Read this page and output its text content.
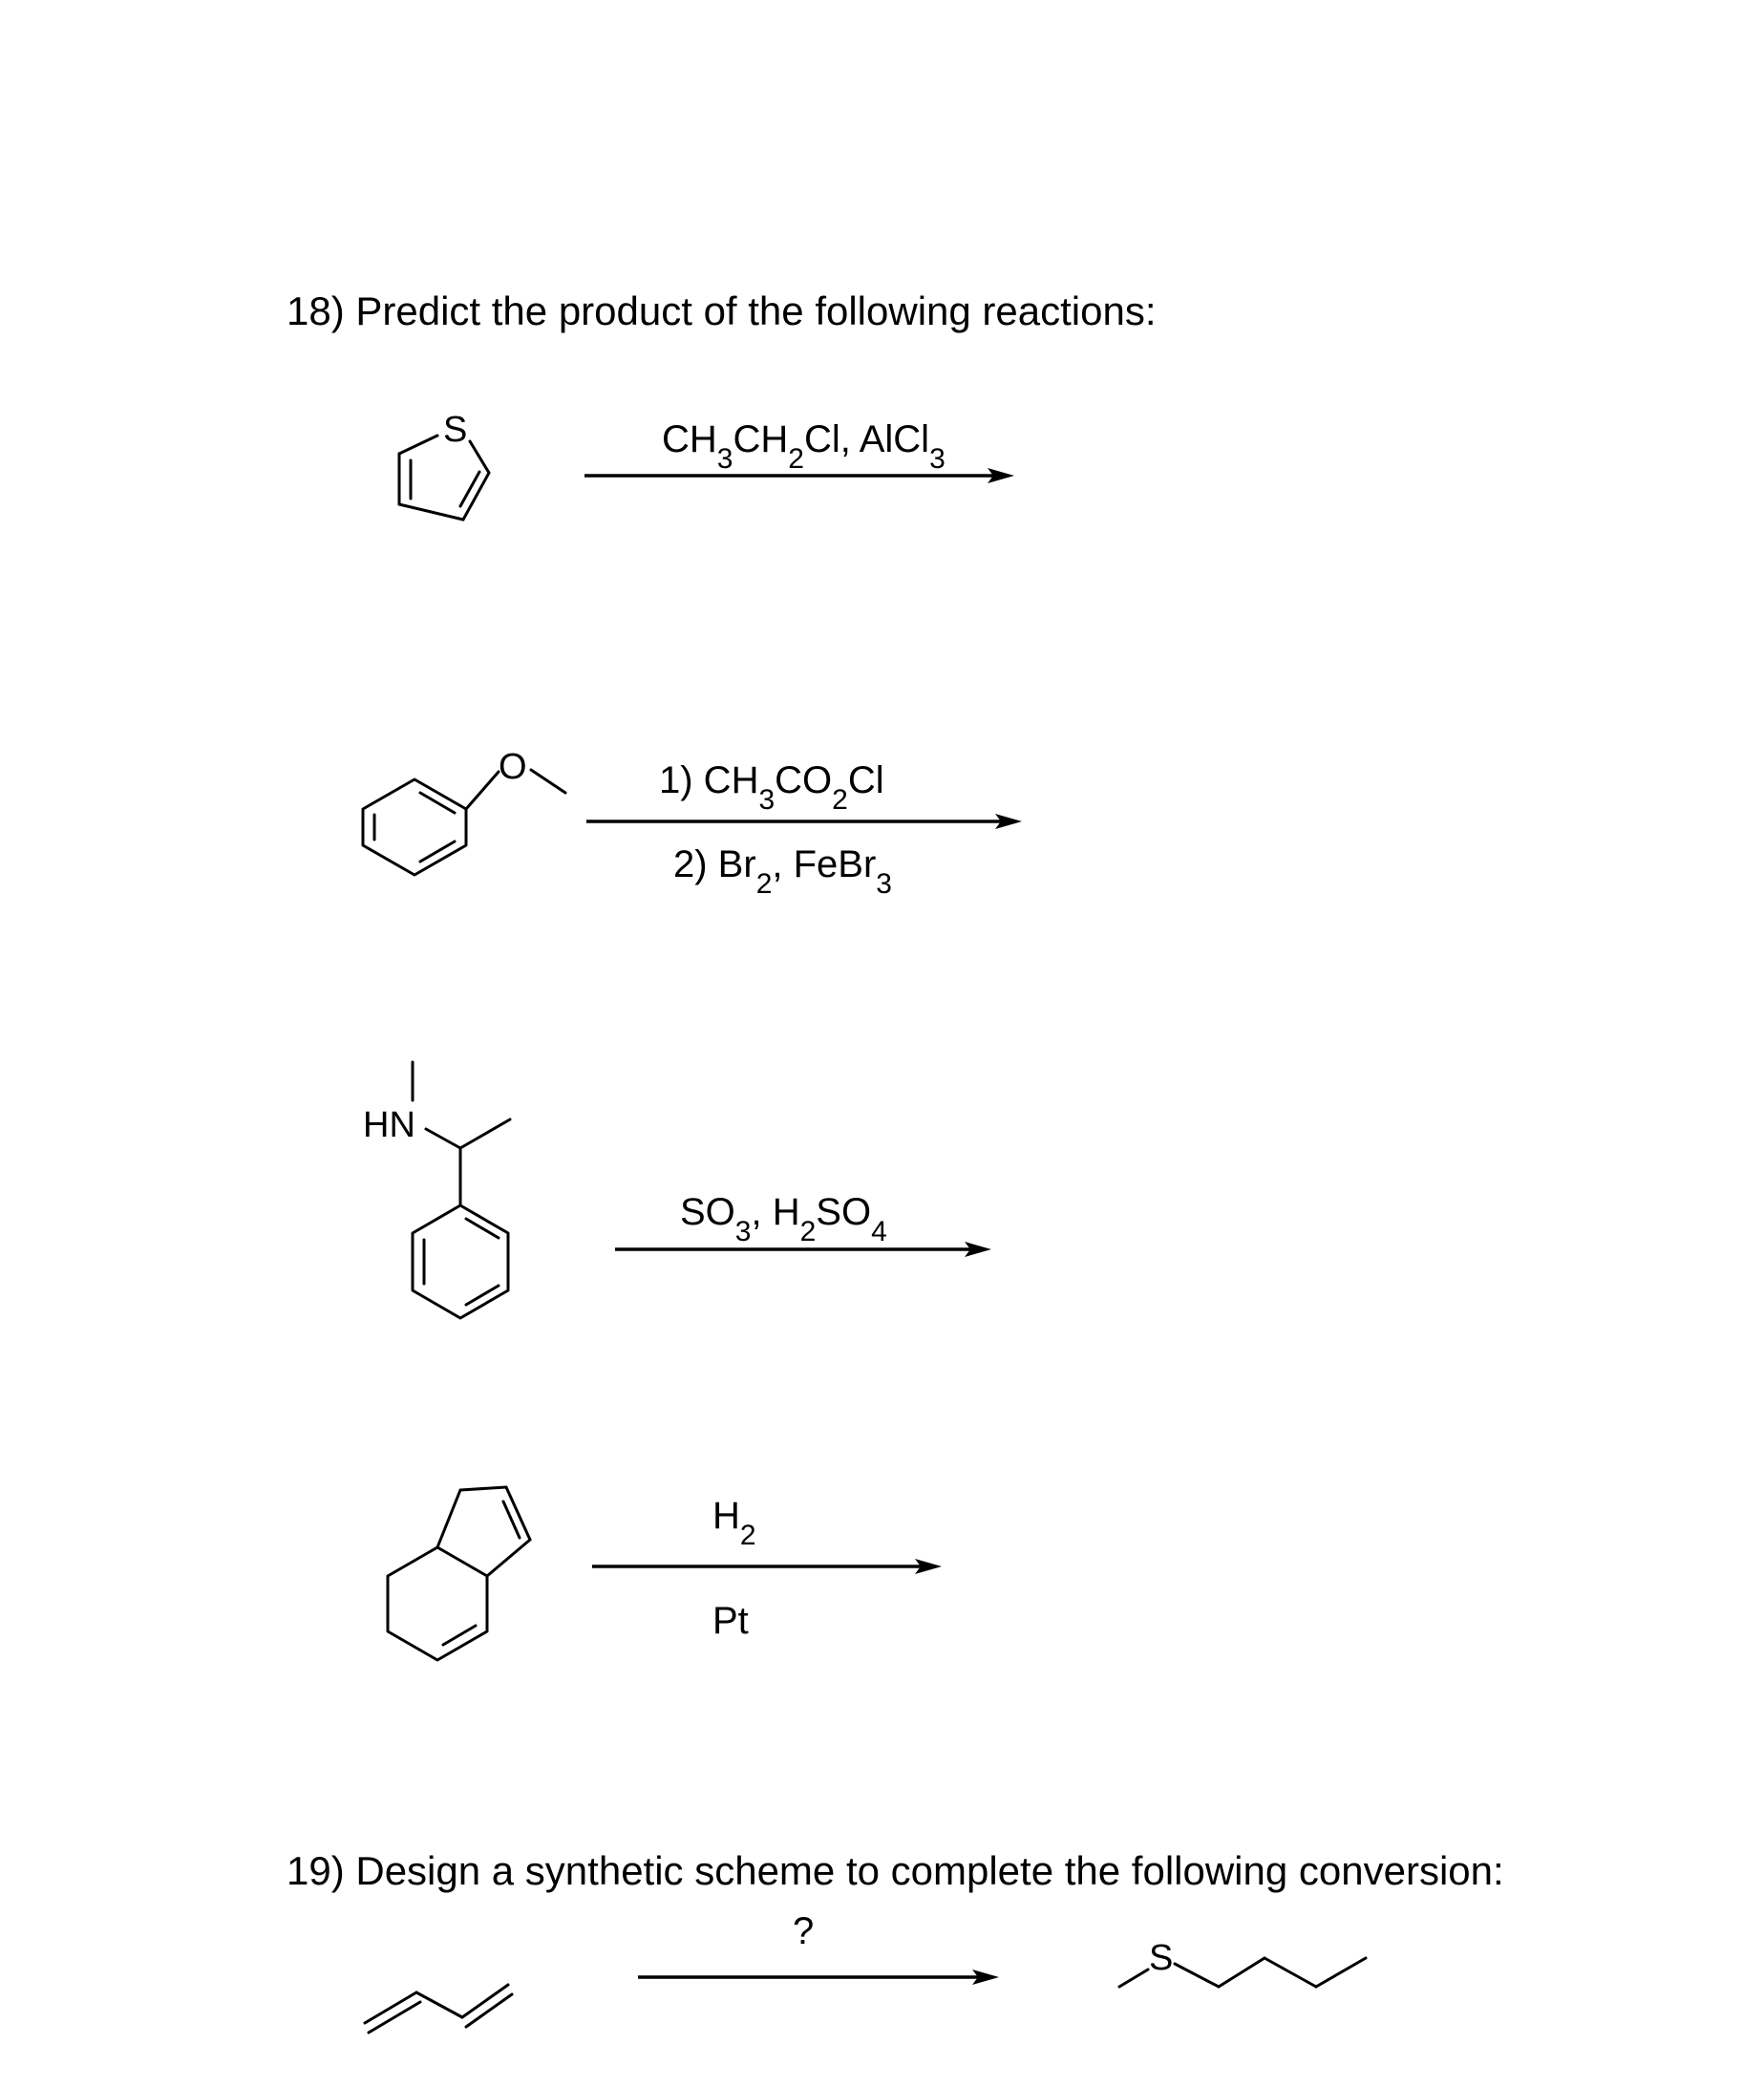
18) Predict the product of the following reactions:
19) Design a synthetic scheme to complete the following conversion:
S	$CH_3CH_2Cl$, AlCl$_3$
O	1) $CH_3CO_2Cl$
2) $Br_2$, FeBr$_3$
HN
$SO_3$, $H_2SO_4$
$H_2$
Pt
?
S
